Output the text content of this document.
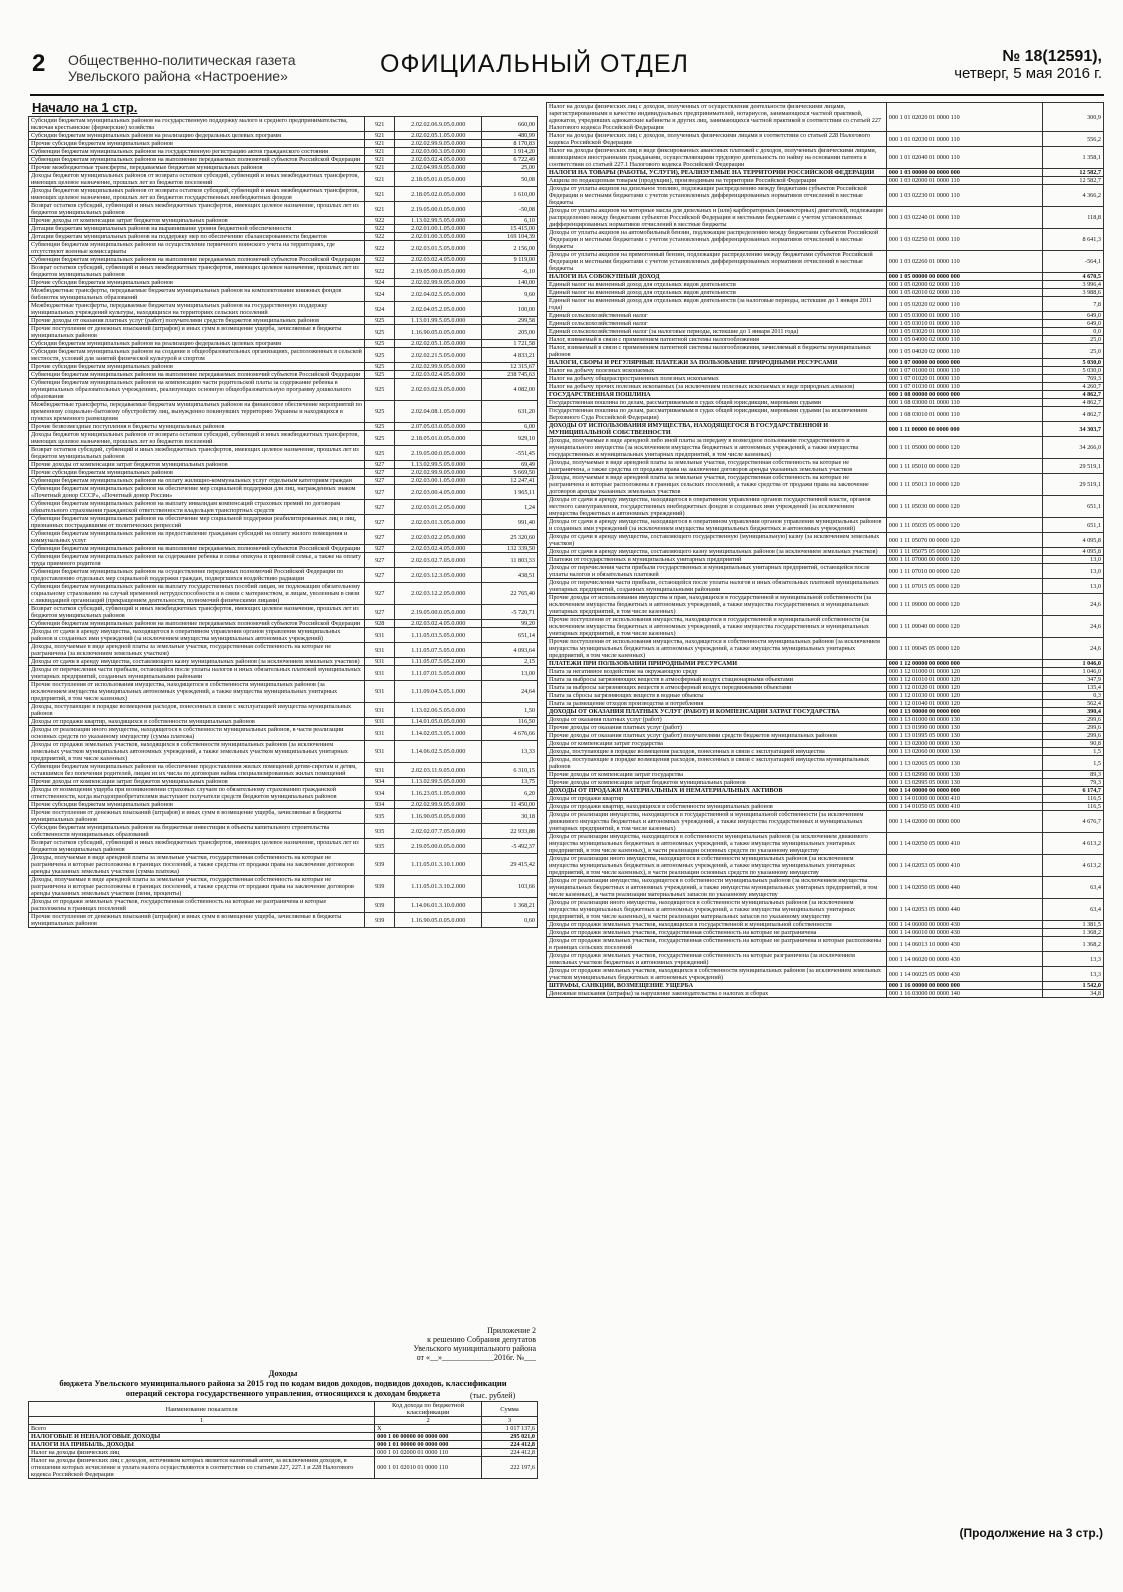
2 Общественно-политическая газета
Увельского района «Настроение»	ОФИЦИАЛЬНЫЙ ОТДЕЛ	№ 18(12591),
четверг, 5 мая 2016 г.
Начало на 1 стр.
Субсидии бюджетам муниципальных районов на государственную поддержку малого и среднего предпринимательства, включая крестьянские (фермерские) хозяйства	921	2.02.02.06.9.05.0.000	660,00
Субсидии бюджетам муниципальных районов на реализацию федеральных целевых программ	921	2.02.02.05.1.05.0.000	480,99
Прочие субсидии бюджетам муниципальных районов	921	2.02.02.99.9.05.0.000	8 170,83
Субвенции бюджетам муниципальных районов на государственную регистрацию актов гражданского состояния	921	2.02.03.00.3.05.0.000	1 914,20
Субвенции бюджетам муниципальных районов на выполнение передаваемых полномочий субъектов Российской Федерации	921	2.02.03.02.4.05.0.000	6 722,49
Прочие межбюджетные трансферты, передаваемые бюджетам муниципальных районов	921	2.02.04.99.9.05.0.000	25,00
Доходы бюджетов муниципальных районов от возврата остатков субсидий, субвенций и иных межбюджетных трансфертов, имеющих целевое назначение, прошлых лет из бюджетов поселений	921	2.18.05.01.0.05.0.000	50,08
Доходы бюджетов муниципальных районов от возврата остатков субсидий, субвенций и иных межбюджетных трансфертов, имеющих целевое назначение, прошлых лет из бюджетов государственных внебюджетных фондов	921	2.18.05.02.0.05.0.000	1 610,00
Возврат остатков субсидий, субвенций и иных межбюджетных трансфертов, имеющих целевое назначение, прошлых лет из бюджетов муниципальных районов	921	2.19.05.00.0.05.0.000	-50,08
Прочие доходы от компенсации затрат бюджетов муниципальных районов	922	1.13.02.99.5.05.0.000	6,10
Дотации бюджетам муниципальных районов на выравнивание уровня бюджетной обеспеченности	922	2.02.01.00.1.05.0.000	15 415,00
Дотации бюджетам муниципальных районов на поддержку мер по обеспечению сбалансированности бюджетов	922	2.02.01.00.3.05.0.000	169 104,39
Субвенции бюджетам муниципальных районов на осуществление первичного воинского учета на территориях, где отсутствуют военные комиссариаты	922	2.02.03.01.5.05.0.000	2 156,00
Субвенции бюджетам муниципальных районов на выполнение передаваемых полномочий субъектов Российской Федерации	922	2.02.03.02.4.05.0.000	9 119,00
Возврат остатков субсидий, субвенций и иных межбюджетных трансфертов, имеющих целевое назначение, прошлых лет из бюджетов муниципальных районов	922	2.19.05.00.0.05.0.000	-6,10
Прочие субсидии бюджетам муниципальных районов	924	2.02.02.99.9.05.0.000	140,00
Межбюджетные трансферты, передаваемые бюджетам муниципальных районов на комплектование книжных фондов библиотек муниципальных образований	924	2.02.04.02.5.05.0.000	9,60
Межбюджетные трансферты, передаваемые бюджетам муниципальных районов на государственную поддержку муниципальных учреждений культуры, находящихся на территориях сельских поселений	924	2.02.04.05.2.05.0.000	100,00
Прочие доходы от оказания платных услуг (работ) получателями средств бюджетов муниципальных районов	925	1.13.01.99.5.05.0.000	299,58
Прочие поступления от денежных взысканий (штрафов) и иных сумм в возмещение ущерба, зачисляемые в бюджеты муниципальных районов	925	1.16.90.05.0.05.0.000	205,00
Субсидии бюджетам муниципальных районов на реализацию федеральных целевых программ	925	2.02.02.05.1.05.0.000	1 721,58
Субсидии бюджетам муниципальных районов на создание в общеобразовательных организациях, расположенных в сельской местности, условий для занятий физической культурой и спортом	925	2.02.02.21.5.05.0.000	4 833,21
Прочие субсидии бюджетам муниципальных районов	925	2.02.02.99.9.05.0.000	12 315,67
Субвенции бюджетам муниципальных районов на выполнение передаваемых полномочий субъектов Российской Федерации	925	2.02.03.02.4.05.0.000	238 745,63
Субвенции бюджетам муниципальных районов на компенсацию части родительской платы за содержание ребенка в муниципальных образовательных учреждениях, реализующих основную общеобразовательную программу дошкольного образования	925	2.02.03.02.9.05.0.000	4 082,00
Межбюджетные трансферты, передаваемые бюджетам муниципальных районов на финансовое обеспечение мероприятий по временному социально-бытовому обустройству лиц, вынужденно покинувших территорию Украины и находящихся в пунктах временного размещения	925	2.02.04.08.1.05.0.000	631,20
Прочие безвозмездные поступления в бюджеты муниципальных районов	925	2.07.05.03.0.05.0.000	6,00
Доходы бюджетов муниципальных районов от возврата остатков субсидий, субвенций и иных межбюджетных трансфертов, имеющих целевое назначение, прошлых лет из бюджетов поселений	925	2.18.05.01.0.05.0.000	929,10
Возврат остатков субсидий, субвенций и иных межбюджетных трансфертов, имеющих целевое назначение, прошлых лет из бюджетов муниципальных районов	925	2.19.05.00.0.05.0.000	-551,45
Прочие доходы от компенсации затрат бюджетов муниципальных районов	927	1.13.02.99.5.05.0.000	69,49
Прочие субсидии бюджетам муниципальных районов	927	2.02.02.99.9.05.0.000	5 669,50
Субвенции бюджетам муниципальных районов на оплату жилищно-коммунальных услуг отдельным категориям граждан	927	2.02.03.00.1.05.0.000	12 247,41
Субвенции бюджетам муниципальных районов на обеспечение мер социальной поддержки для лиц, награжденных знаком «Почетный донор СССР», «Почетный донор России»	927	2.02.03.00.4.05.0.000	1 965,11
Субвенции бюджетам муниципальных районов на выплату инвалидам компенсаций страховых премий по договорам обязательного страхования гражданской ответственности владельцев транспортных средств	927	2.02.03.01.2.05.0.000	1,24
Субвенции бюджетам муниципальных районов на обеспечение мер социальной поддержки реабилитированных лиц и лиц, признанных пострадавшими от политических репрессий	927	2.02.03.01.3.05.0.000	991,40
Субвенции бюджетам муниципальных районов на предоставление гражданам субсидий на оплату жилого помещения и коммунальных услуг	927	2.02.03.02.2.05.0.000	25 320,60
Субвенции бюджетам муниципальных районов на выполнение передаваемых полномочий субъектов Российской Федерации	927	2.02.03.02.4.05.0.000	132 339,50
Субвенции бюджетам муниципальных районов на содержание ребенка в семье опекуна и приемной семье, а также на оплату труда приемного родителя	927	2.02.03.02.7.05.0.000	11 803,33
Субвенции бюджетам муниципальных районов на осуществление переданных полномочий Российской Федерации по предоставлению отдельных мер социальной поддержки граждан, подвергшихся воздействию радиации	927	2.02.03.12.3.05.0.000	438,51
Субвенции бюджетам муниципальных районов на выплату государственных пособий лицам, не подлежащим обязательному социальному страхованию на случай временной нетрудоспособности и в связи с материнством, и лицам, уволенным в связи с ликвидацией организаций (прекращением деятельности, полномочий физическими лицами)	927	2.02.03.12.2.05.0.000	22 765,40
Возврат остатков субсидий, субвенций и иных межбюджетных трансфертов, имеющих целевое назначение, прошлых лет из бюджетов муниципальных районов	927	2.19.05.00.0.05.0.000	-5 720,71
Субвенции бюджетам муниципальных районов на выполнение передаваемых полномочий субъектов Российской Федерации	928	2.02.03.02.4.05.0.000	99,20
Доходы от сдачи в аренду имущества, находящегося в оперативном управлении органов управления муниципальных районов и созданных ими учреждений (за исключением имущества муниципальных автономных учреждений)	931	1.11.05.03.5.05.0.000	651,14
Доходы, получаемые в виде арендной платы за земельные участки, государственная собственность на которые не разграничена (за исключением земельных участков)	931	1.11.05.07.5.05.0.000	4 093,64
Доходы от сдачи в аренду имущества, составляющего казну муниципальных районов (за исключением земельных участков)	931	1.11.05.07.5.05.2.000	2,15
Доходы от перечисления части прибыли, остающейся после уплаты налогов и иных обязательных платежей муниципальных унитарных предприятий, созданных муниципальными районами	931	1.11.07.01.5.05.0.000	13,00
Прочие поступления от использования имущества, находящегося в собственности муниципальных районов (за исключением имущества муниципальных автономных учреждений, а также имущества муниципальных унитарных предприятий, в том числе казенных)	931	1.11.09.04.5.05.1.000	24,64
Доходы, поступающие в порядке возмещения расходов, понесенных в связи с эксплуатацией имущества муниципальных районов	931	1.13.02.06.5.05.0.000	1,50
Доходы от продажи квартир, находящихся в собственности муниципальных районов	931	1.14.01.05.0.05.0.000	116,50
Доходы от реализации иного имущества, находящегося в собственности муниципальных районов, в части реализации основных средств по указанному имуществу (сумма платежа)	931	1.14.02.05.3.05.1.000	4 676,66
Доходы от продажи земельных участков, находящихся в собственности муниципальных районов (за исключением земельных участков муниципальных автономных учреждений, а также земельных участков муниципальных унитарных предприятий, в том числе казенных)	931	1.14.06.02.5.05.0.000	13,33
Субвенции бюджетам муниципальных районов на обеспечение предоставления жилых помещений детям-сиротам и детям, оставшимся без попечения родителей, лицам из их числа по договорам найма специализированных жилых помещений	931	2.02.03.11.9.05.0.000	6 310,15
Прочие доходы от компенсации затрат бюджетов муниципальных районов	934	1.13.02.99.5.05.0.000	13,75
Доходы от возмещения ущерба при возникновении страховых случаев по обязательному страхованию гражданской ответственности, когда выгодоприобретателями выступают получатели средств бюджетов муниципальных районов	934	1.16.23.05.1.05.0.000	6,20
Прочие субсидии бюджетам муниципальных районов	934	2.02.02.99.9.05.0.000	11 450,00
Прочие поступления от денежных взысканий (штрафов) и иных сумм в возмещение ущерба, зачисляемые в бюджеты муниципальных районов	935	1.16.90.05.0.05.0.000	30,18
Субсидии бюджетам муниципальных районов на бюджетные инвестиции в объекты капитального строительства собственности муниципальных образований	935	2.02.02.07.7.05.0.000	22 933,88
Возврат остатков субсидий, субвенций и иных межбюджетных трансфертов, имеющих целевое назначение, прошлых лет из бюджетов муниципальных районов	935	2.19.05.00.0.05.0.000	-5 492,37
Доходы, получаемые в виде арендной платы за земельные участки, государственная собственность на которые не разграничена и которые расположены в границах поселений, а также средства от продажи права на заключение договоров аренды указанных земельных участков (сумма платежа)	939	1.11.05.01.3.10.1.000	29 415,42
Доходы, получаемые в виде арендной платы за земельные участки, государственная собственность на которые не разграничена и которые расположены в границах поселений, а также средства от продажи права на заключение договоров аренды указанных земельных участков (пени, проценты)	939	1.11.05.01.3.10.2.000	103,66
Доходы от продажи земельных участков, государственная собственность на которые не разграничена и которые расположены в границах поселений	939	1.14.06.01.3.10.0.000	1 368,21
Прочие поступления от денежных взысканий (штрафов) и иных сумм в возмещение ущерба, зачисляемые в бюджеты муниципальных районов	939	1.16.90.05.0.05.0.000	0,60
Приложение 2
к решению Собрания депутатов
Увельского муниципального района
от «__»_____________2016г. №___
Доходы
бюджета Увельского муниципального района за 2015 год по кодам видов доходов, подвидов доходов, классификации
операций сектора государственного управления, относящихся к доходам бюджета	(тыс. рублей)
Наименование показателя	Код дохода по бюджетной классификации	Сумма
1	2	3
Всего	Х	1 017 137,6
НАЛОГОВЫЕ И НЕНАЛОГОВЫЕ ДОХОДЫ	000 1 00 00000 00 0000 000	295 021,0
НАЛОГИ НА ПРИБЫЛЬ, ДОХОДЫ	000 1 01 00000 00 0000 000	224 412,8
Налог на доходы физических лиц	000 1 01 02000 01 0000 110	224 412,8
Налог на доходы физических лиц с доходов, источником которых является налоговый агент, за исключением доходов, в отношении которых исчисление и уплата налога осуществляются в соответствии со статьями 227, 227.1 и 228 Налогового кодекса Российской Федерации	000 1 01 02010 01 0000 110	222 197,6
Налог на доходы физических лиц с доходов, полученных от осуществления деятельности физическими лицами, зарегистрированными в качестве индивидуальных предпринимателей, нотариусов, занимающихся частной практикой, адвокатов, учредивших адвокатские кабинеты и других лиц, занимающихся частной практикой в соответствии со статьей 227 Налогового кодекса Российской Федерации	000 1 01 02020 01 0000 110	300,9
Налог на доходы физических лиц с доходов, полученных физическими лицами в соответствии со статьей 228 Налогового кодекса Российской Федерации	000 1 01 02030 01 0000 110	556,2
Налог на доходы физических лиц в виде фиксированных авансовых платежей с доходов, полученных физическими лицами, являющимися иностранными гражданами, осуществляющими трудовую деятельность по найму на основании патента в соответствии со статьей 227.1 Налогового кодекса Российской Федерации	000 1 01 02040 01 0000 110	1 358,1
НАЛОГИ НА ТОВАРЫ (РАБОТЫ, УСЛУГИ), РЕАЛИЗУЕМЫЕ НА ТЕРРИТОРИИ РОССИЙСКОЙ ФЕДЕРАЦИИ	000 1 03 00000 00 0000 000	12 582,7
Акцизы по подакцизным товарам (продукции), производимым на территории Российской Федерации	000 1 03 02000 01 0000 110	12 582,7
Доходы от уплаты акцизов на дизельное топливо, подлежащие распределению между бюджетами субъектов Российской Федерации и местными бюджетами с учетом установленных дифференцированных нормативов отчислений в местные бюджеты	000 1 03 02230 01 0000 110	4 366,2
Доходы от уплаты акцизов на моторные масла для дизельных и (или) карбюраторных (инжекторных) двигателей, подлежащие распределению между бюджетами субъектов Российской Федерации и местными бюджетами с учетом установленных дифференцированных нормативов отчислений в местные бюджеты	000 1 03 02240 01 0000 110	118,8
Доходы от уплаты акцизов на автомобильный бензин, подлежащие распределению между бюджетами субъектов Российской Федерации и местными бюджетами с учетом установленных дифференцированных нормативов отчислений в местные бюджеты	000 1 03 02250 01 0000 110	8 641,3
Доходы от уплаты акцизов на прямогонный бензин, подлежащие распределению между бюджетами субъектов Российской Федерации и местными бюджетами с учетом установленных дифференцированных нормативов отчислений в местные бюджеты	000 1 03 02260 01 0000 110	-564,1
НАЛОГИ НА СОВОКУПНЫЙ ДОХОД	000 1 05 00000 00 0000 000	4 670,5
Единый налог на вмененный доход для отдельных видов деятельности	000 1 05 02000 02 0000 110	3 996,4
Единый налог на вмененный доход для отдельных видов деятельности	000 1 05 02010 02 0000 110	3 988,6
Единый налог на вмененный доход для отдельных видов деятельности (за налоговые периоды, истекшие до 1 января 2011 года)	000 1 05 02020 02 0000 110	7,8
Единый сельскохозяйственный налог	000 1 05 03000 01 0000 110	649,0
Единый сельскохозяйственный налог	000 1 05 03010 01 0000 110	649,0
Единый сельскохозяйственный налог (за налоговые периоды, истекшие до 1 января 2011 года)	000 1 05 03020 01 0000 110	0,0
Налог, взимаемый в связи с применением патентной системы налогообложения	000 1 05 04000 02 0000 110	25,0
Налог, взимаемый в связи с применением патентной системы налогообложения, зачисляемый в бюджеты муниципальных районов	000 1 05 04020 02 0000 110	25,0
НАЛОГИ, СБОРЫ И РЕГУЛЯРНЫЕ ПЛАТЕЖИ ЗА ПОЛЬЗОВАНИЕ ПРИРОДНЫМИ РЕСУРСАМИ	000 1 07 00000 00 0000 000	5 030,0
Налог на добычу полезных ископаемых	000 1 07 01000 01 0000 110	5 030,0
Налог на добычу общераспространенных полезных ископаемых	000 1 07 01020 01 0000 110	769,3
Налог на добычу прочих полезных ископаемых (за исключением полезных ископаемых в виде природных алмазов)	000 1 07 01030 01 0000 110	4 260,7
ГОСУДАРСТВЕННАЯ ПОШЛИНА	000 1 08 00000 00 0000 000	4 862,7
Государственная пошлина по делам, рассматриваемым в судах общей юрисдикции, мировыми судьями	000 1 08 03000 01 0000 110	4 862,7
Государственная пошлина по делам, рассматриваемым в судах общей юрисдикции, мировыми судьями (за исключением Верховного Суда Российской Федерации)	000 1 08 03010 01 0000 110	4 862,7
ДОХОДЫ ОТ ИСПОЛЬЗОВАНИЯ ИМУЩЕСТВА, НАХОДЯЩЕГОСЯ В ГОСУДАРСТВЕННОЙ И МУНИЦИПАЛЬНОЙ СОБСТВЕННОСТИ	000 1 11 00000 00 0000 000	34 303,7
Доходы, получаемые в виде арендной либо иной платы за передачу в возмездное пользование государственного и муниципального имущества (за исключением имущества бюджетных и автономных учреждений, а также имущества государственных и муниципальных унитарных предприятий, в том числе казенных)	000 1 11 05000 00 0000 120	34 266,0
Доходы, получаемые в виде арендной платы за земельные участки, государственная собственность на которые не разграничена, а также средства от продажи права на заключение договоров аренды указанных земельных участков	000 1 11 05010 00 0000 120	29 519,1
Доходы, получаемые в виде арендной платы за земельные участки, государственная собственность на которые не разграничена и которые расположены в границах сельских поселений, а также средства от продажи права на заключение договоров аренды указанных земельных участков	000 1 11 05013 10 0000 120	29 519,1
Доходы от сдачи в аренду имущества, находящегося в оперативном управлении органов государственной власти, органов местного самоуправления, государственных внебюджетных фондов и созданных ими учреждений (за исключением имущества бюджетных и автономных учреждений)	000 1 11 05030 00 0000 120	651,1
Доходы от сдачи в аренду имущества, находящегося в оперативном управлении органов управления муниципальных районов и созданных ими учреждений (за исключением имущества муниципальных бюджетных и автономных учреждений)	000 1 11 05035 05 0000 120	651,1
Доходы от сдачи в аренду имущества, составляющего государственную (муниципальную) казну (за исключением земельных участков)	000 1 11 05070 00 0000 120	4 095,8
Доходы от сдачи в аренду имущества, составляющего казну муниципальных районов (за исключением земельных участков)	000 1 11 05075 05 0000 120	4 095,8
Платежи от государственных и муниципальных унитарных предприятий	000 1 11 07000 00 0000 120	13,0
Доходы от перечисления части прибыли государственных и муниципальных унитарных предприятий, остающейся после уплаты налогов и обязательных платежей	000 1 11 07010 00 0000 120	13,0
Доходы от перечисления части прибыли, остающейся после уплаты налогов и иных обязательных платежей муниципальных унитарных предприятий, созданных муниципальными районами	000 1 11 07015 05 0000 120	13,0
Прочие доходы от использования имущества и прав, находящихся в государственной и муниципальной собственности (за исключением имущества бюджетных и автономных учреждений, а также имущества государственных и муниципальных унитарных предприятий, в том числе казенных)	000 1 11 09000 00 0000 120	24,6
Прочие поступления от использования имущества, находящегося в государственной и муниципальной собственности (за исключением имущества бюджетных и автономных учреждений, а также имущества государственных и муниципальных унитарных предприятий, в том числе казенных)	000 1 11 09040 00 0000 120	24,6
Прочие поступления от использования имущества, находящегося в собственности муниципальных районов (за исключением имущества муниципальных бюджетных и автономных учреждений, а также имущества муниципальных унитарных предприятий, в том числе казенных)	000 1 11 09045 05 0000 120	24,6
ПЛАТЕЖИ ПРИ ПОЛЬЗОВАНИИ ПРИРОДНЫМИ РЕСУРСАМИ	000 1 12 00000 00 0000 000	1 046,0
Плата за негативное воздействие на окружающую среду	000 1 12 01000 01 0000 120	1 046,0
Плата за выбросы загрязняющих веществ в атмосферный воздух стационарными объектами	000 1 12 01010 01 0000 120	347,9
Плата за выбросы загрязняющих веществ в атмосферный воздух передвижными объектами	000 1 12 01020 01 0000 120	135,4
Плата за сбросы загрязняющих веществ в водные объекты	000 1 12 01030 01 0000 120	0,3
Плата за размещение отходов производства и потребления	000 1 12 01040 01 0000 120	562,4
ДОХОДЫ ОТ ОКАЗАНИЯ ПЛАТНЫХ УСЛУГ (РАБОТ) И КОМПЕНСАЦИИ ЗАТРАТ ГОСУДАРСТВА	000 1 13 00000 00 0000 000	390,4
Доходы от оказания платных услуг (работ)	000 1 13 01000 00 0000 130	299,6
Прочие доходы от оказания платных услуг (работ)	000 1 13 01990 00 0000 130	299,6
Прочие доходы от оказания платных услуг (работ) получателями средств бюджетов муниципальных районов	000 1 13 01995 05 0000 130	299,6
Доходы от компенсации затрат государства	000 1 13 02000 00 0000 130	90,8
Доходы, поступающие в порядке возмещения расходов, понесенных в связи с эксплуатацией имущества	000 1 13 02060 00 0000 130	1,5
Доходы, поступающие в порядке возмещения расходов, понесенных в связи с эксплуатацией имущества муниципальных районов	000 1 13 02065 05 0000 130	1,5
Прочие доходы от компенсации затрат государства	000 1 13 02990 00 0000 130	89,3
Прочие доходы от компенсации затрат бюджетов муниципальных районов	000 1 13 02995 05 0000 130	79,3
ДОХОДЫ ОТ ПРОДАЖИ МАТЕРИАЛЬНЫХ И НЕМАТЕРИАЛЬНЫХ АКТИВОВ	000 1 14 00000 00 0000 000	6 174,7
Доходы от продажи квартир	000 1 14 01000 00 0000 410	116,5
Доходы от продажи квартир, находящихся в собственности муниципальных районов	000 1 14 01050 05 0000 410	116,5
Доходы от реализации имущества, находящегося в государственной и муниципальной собственности (за исключением движимого имущества бюджетных и автономных учреждений, а также имущества государственных и муниципальных унитарных предприятий, в том числе казенных)	000 1 14 02000 00 0000 000	4 676,7
Доходы от реализации имущества, находящегося в собственности муниципальных районов (за исключением движимого имущества муниципальных бюджетных и автономных учреждений, а также имущества муниципальных унитарных предприятий, в том числе казенных), в части реализации основных средств по указанному имуществу	000 1 14 02050 05 0000 410	4 613,2
Доходы от реализации иного имущества, находящегося в собственности муниципальных районов (за исключением имущества муниципальных бюджетных и автономных учреждений, а также имущества муниципальных унитарных предприятий, в том числе казенных), в части реализации основных средств по указанному имуществу	000 1 14 02053 05 0000 410	4 613,2
Доходы от реализации имущества, находящегося в собственности муниципальных районов (за исключением имущества муниципальных бюджетных и автономных учреждений, а также имущества муниципальных унитарных предприятий, в том числе казенных), в части реализации материальных запасов по указанному имуществу	000 1 14 02050 05 0000 440	63,4
Доходы от реализации иного имущества, находящегося в собственности муниципальных районов (за исключением имущества муниципальных бюджетных и автономных учреждений, а также имущества муниципальных унитарных предприятий, в том числе казенных), в части реализации материальных запасов по указанному имуществу	000 1 14 02053 05 0000 440	63,4
Доходы от продажи земельных участков, находящихся в государственной и муниципальной собственности	000 1 14 06000 00 0000 430	1 381,5
Доходы от продажи земельных участков, государственная собственность на которые не разграничена	000 1 14 06010 00 0000 430	1 368,2
Доходы от продажи земельных участков, государственная собственность на которые не разграничена и которые расположены в границах сельских поселений	000 1 14 06013 10 0000 430	1 368,2
Доходы от продажи земельных участков, государственная собственность на которые разграничена (за исключением земельных участков бюджетных и автономных учреждений)	000 1 14 06020 00 0000 430	13,3
Доходы от продажи земельных участков, находящихся в собственности муниципальных районов (за исключением земельных участков муниципальных бюджетных и автономных учреждений)	000 1 14 06025 05 0000 430	13,3
ШТРАФЫ, САНКЦИИ, ВОЗМЕЩЕНИЕ УЩЕРБА	000 1 16 00000 00 0000 000	1 542,0
Денежные взыскания (штрафы) за нарушение законодательства о налогах и сборах	000 1 16 03000 00 0000 140	34,8
(Продолжение на 3 стр.)
